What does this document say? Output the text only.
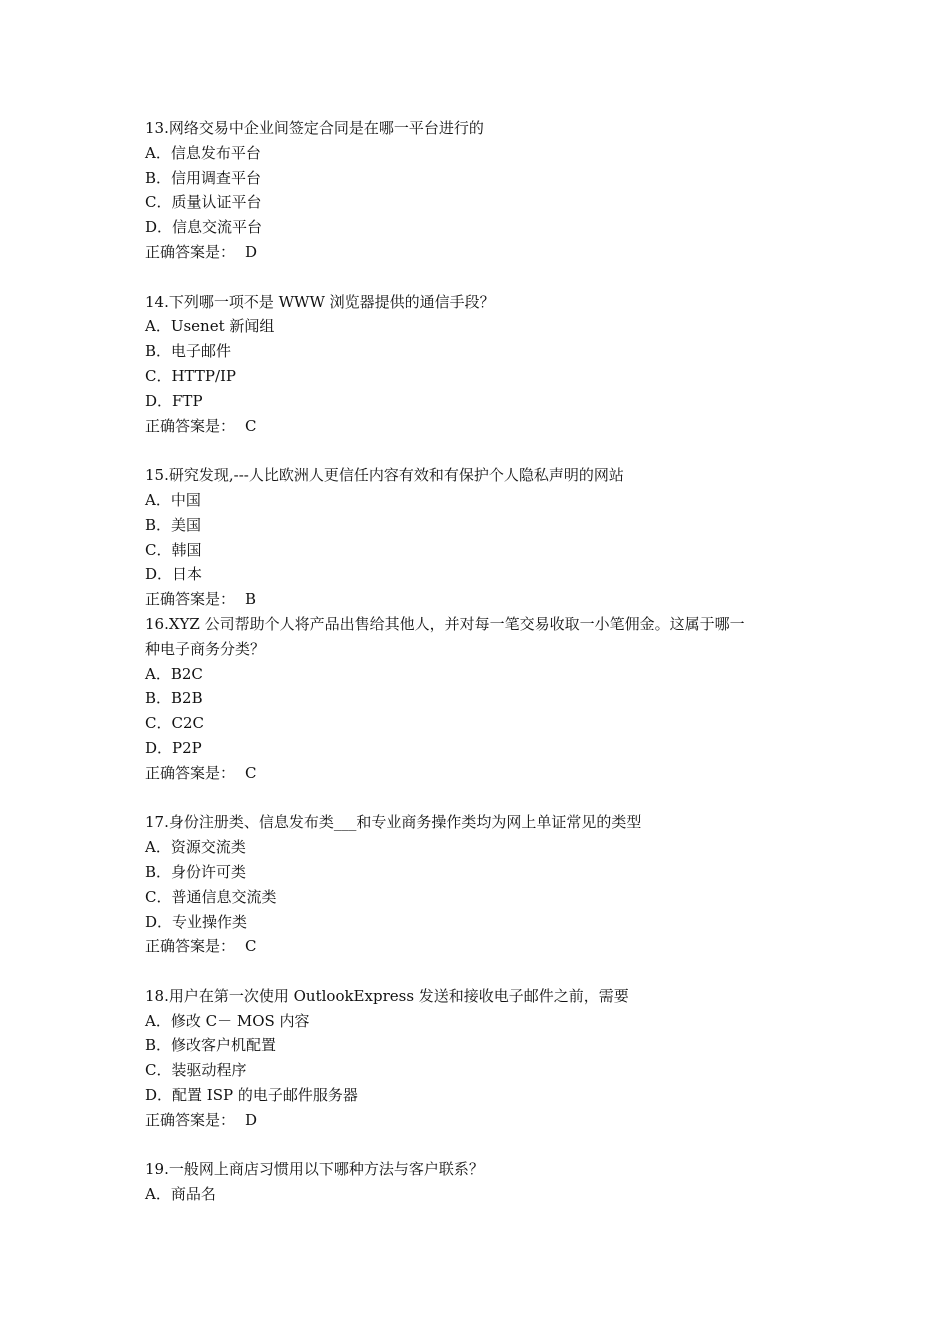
13.网络交易中企业间签定合同是在哪一平台进行的
A．信息发布平台
B．信用调查平台
C．质量认证平台
D．信息交流平台
正确答案是： D
14.下列哪一项不是 WWW 浏览器提供的通信手段？
A．Usenet 新闻组
B．电子邮件
C．HTTP/IP
D．FTP
正确答案是： C
15.研究发现,---人比欧洲人更信任内容有效和有保护个人隐私声明的网站
A．中国
B．美国
C．韩国
D．日本
正确答案是： B
16.XYZ 公司帮助个人将产品出售给其他人，并对每一笔交易收取一小笔佣金。这属于哪一
种电子商务分类？
A．B2C
B．B2B
C．C2C
D．P2P
正确答案是： C
17.身份注册类、信息发布类___和专业商务操作类均为网上单证常见的类型
A．资源交流类
B．身份许可类
C．普通信息交流类
D．专业操作类
正确答案是： C
18.用户在第一次使用 OutlookExpress 发送和接收电子邮件之前，需要
A．修改 C－ MOS 内容
B．修改客户机配置
C．装驱动程序
D．配置 ISP 的电子邮件服务器
正确答案是： D
19.一般网上商店习惯用以下哪种方法与客户联系？
A．商品名
